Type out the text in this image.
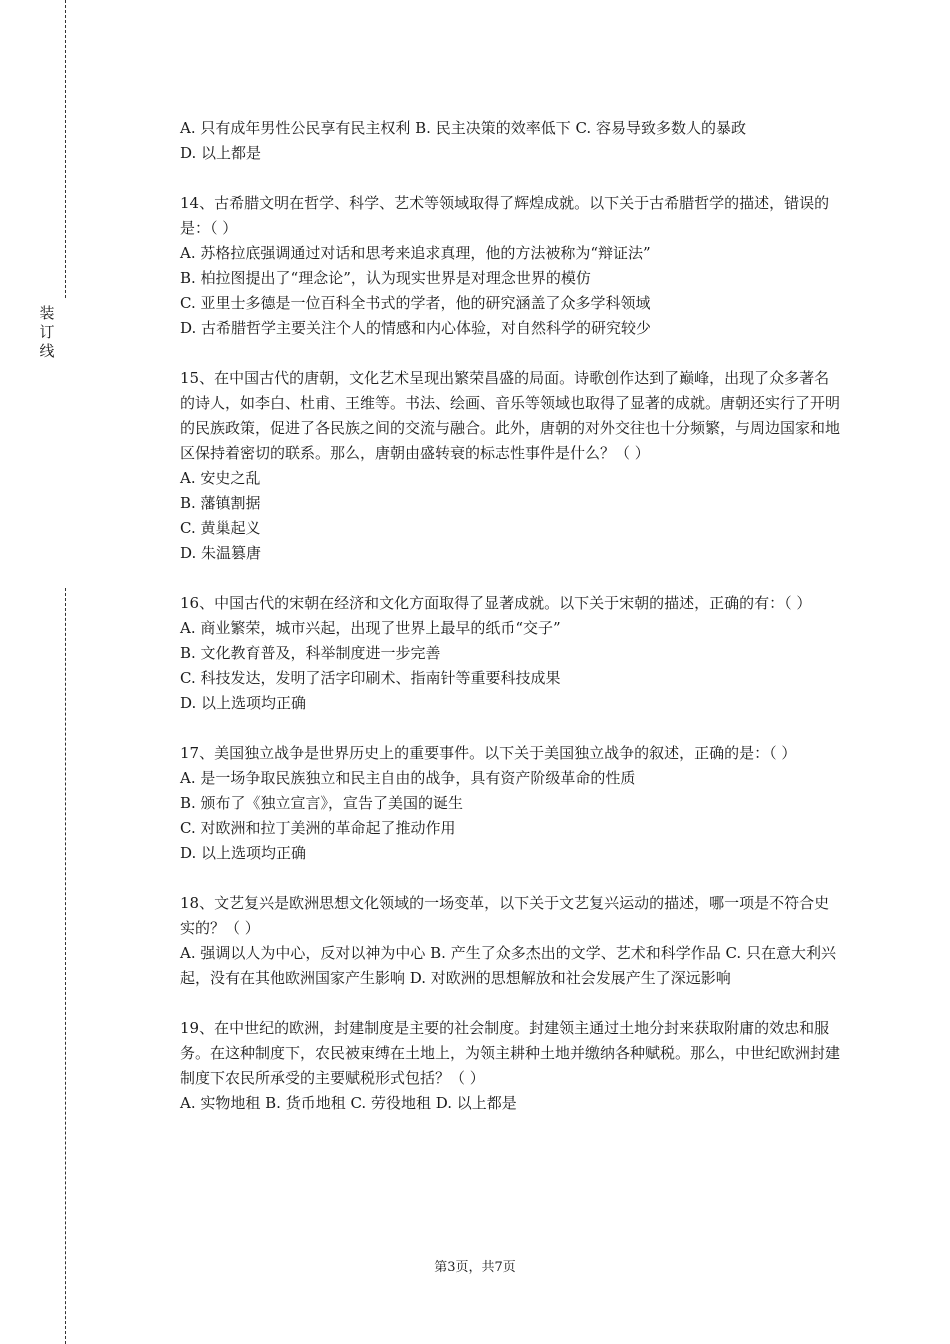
装
订
线

A. 只有成年男性公民享有民主权利 B. 民主决策的效率低下 C. 容易导致多数人的暴政

D. 以上都是

14、古希腊文明在哲学、科学、艺术等领域取得了辉煌成就。以下关于古希腊哲学的描述，错误的是：（ ）

A. 苏格拉底强调通过对话和思考来追求真理，他的方法被称为“辩证法”

B. 柏拉图提出了“理念论”，认为现实世界是对理念世界的模仿

C. 亚里士多德是一位百科全书式的学者，他的研究涵盖了众多学科领域

D. 古希腊哲学主要关注个人的情感和内心体验，对自然科学的研究较少

15、在中国古代的唐朝，文化艺术呈现出繁荣昌盛的局面。诗歌创作达到了巅峰，出现了众多著名的诗人，如李白、杜甫、王维等。书法、绘画、音乐等领域也取得了显著的成就。唐朝还实行了开明的民族政策，促进了各民族之间的交流与融合。此外，唐朝的对外交往也十分频繁，与周边国家和地区保持着密切的联系。那么，唐朝由盛转衰的标志性事件是什么？（ ）

A. 安史之乱

B. 藩镇割据

C. 黄巢起义

D. 朱温篡唐

16、中国古代的宋朝在经济和文化方面取得了显著成就。以下关于宋朝的描述，正确的有：（ ）

A. 商业繁荣，城市兴起，出现了世界上最早的纸币“交子”

B. 文化教育普及，科举制度进一步完善

C. 科技发达，发明了活字印刷术、指南针等重要科技成果

D. 以上选项均正确

17、美国独立战争是世界历史上的重要事件。以下关于美国独立战争的叙述，正确的是：（ ）

A. 是一场争取民族独立和民主自由的战争，具有资产阶级革命的性质

B. 颁布了《独立宣言》，宣告了美国的诞生

C. 对欧洲和拉丁美洲的革命起了推动作用

D. 以上选项均正确

18、文艺复兴是欧洲思想文化领域的一场变革，以下关于文艺复兴运动的描述，哪一项是不符合史实的？（ ）

A. 强调以人为中心，反对以神为中心 B. 产生了众多杰出的文学、艺术和科学作品 C. 只在意大利兴起，没有在其他欧洲国家产生影响 D. 对欧洲的思想解放和社会发展产生了深远影响

19、在中世纪的欧洲，封建制度是主要的社会制度。封建领主通过土地分封来获取附庸的效忠和服务。在这种制度下，农民被束缚在土地上，为领主耕种土地并缴纳各种赋税。那么，中世纪欧洲封建制度下农民所承受的主要赋税形式包括？（ ）

A. 实物地租 B. 货币地租 C. 劳役地租 D. 以上都是

第3页，共7页
